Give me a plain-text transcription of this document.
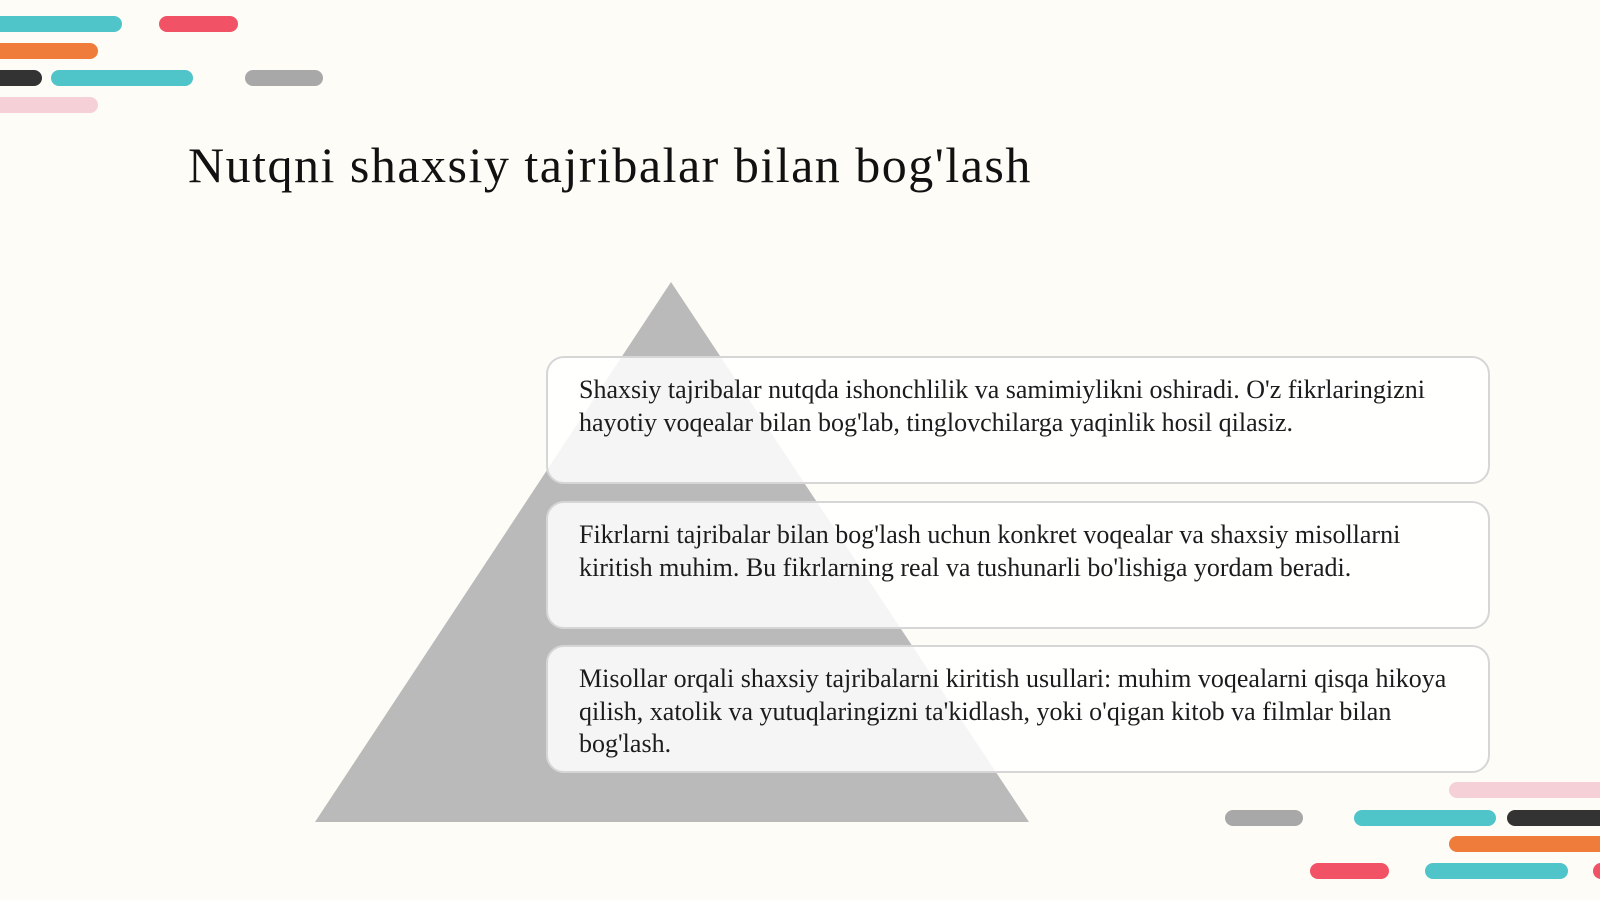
Nutqni shaxsiy tajribalar bilan bog'lash
Shaxsiy tajribalar nutqda ishonchlilik va samimiylikni oshiradi. O'z fikrlaringizni hayotiy voqealar bilan bog'lab, tinglovchilarga yaqinlik hosil qilasiz.
Fikrlarni tajribalar bilan bog'lash uchun konkret voqealar va shaxsiy misollarni kiritish muhim. Bu fikrlarning real va tushunarli bo'lishiga yordam beradi.
Misollar orqali shaxsiy tajribalarni kiritish usullari: muhim voqealarni qisqa hikoya qilish, xatolik va yutuqlaringizni ta'kidlash, yoki o'qigan kitob va filmlar bilan bog'lash.
